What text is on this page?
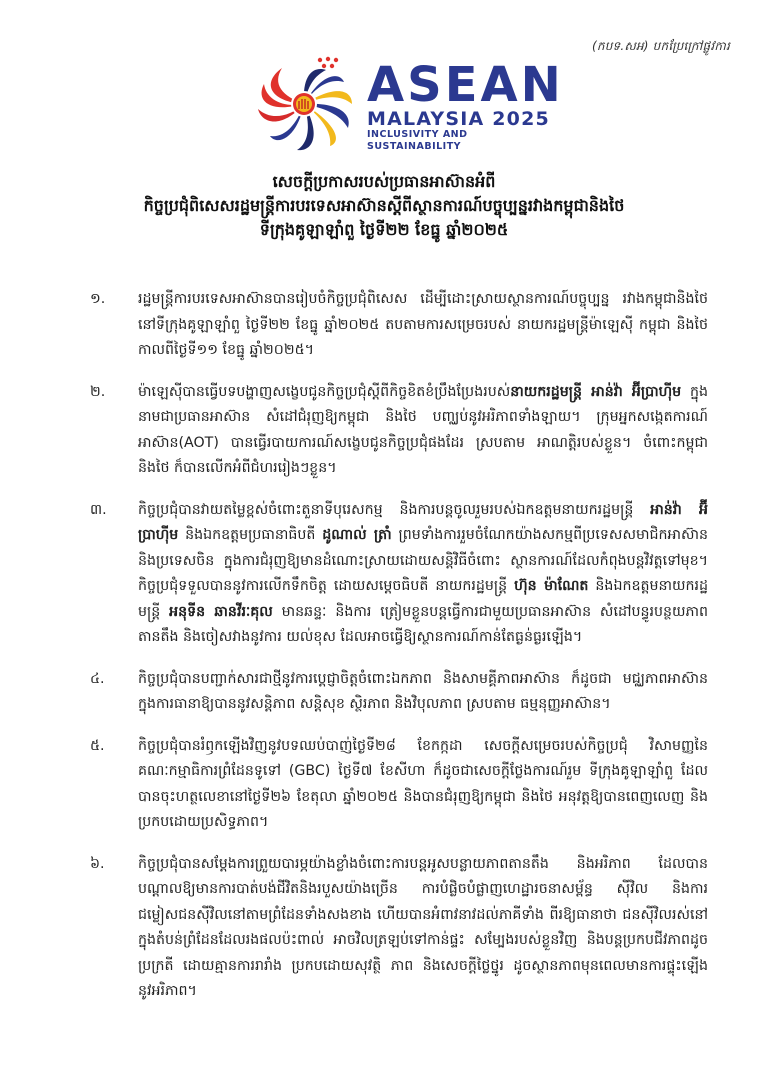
(កបទ.សអ) បកប្រែក្រៅផ្លូវការ
ASEAN
MALAYSIA 2025
INCLUSIVITY AND SUSTAINABILITY
សេចក្តីប្រកាសរបស់ប្រធានអាស៊ានអំពី
កិច្ចប្រជុំពិសេសរដ្ឋមន្ត្រីការបរទេសអាស៊ានស្តីពីស្ថានការណ៍បច្ចុប្បន្នរវាងកម្ពុជានិងថៃ
ទីក្រុងគូឡាឡាំពួ ថ្ងៃទី២២ ខែធ្នូ ឆ្នាំ២០២៥
១.	រដ្ឋមន្ត្រីការបរទេសអាស៊ានបានរៀបចំកិច្ចប្រជុំពិសេស ដើម្បីដោះស្រាយស្ថានការណ៍បច្ចុប្បន្ន រវាងកម្ពុជានិងថៃ នៅទីក្រុងគូឡាឡាំពួ ថ្ងៃទី២២ ខែធ្នូ ឆ្នាំ២០២៥ តបតាមការសម្រេចរបស់ នាយករដ្ឋមន្ត្រីម៉ាឡេស៊ី កម្ពុជា និងថៃ កាលពីថ្ងៃទី១១ ខែធ្នូ ឆ្នាំ២០២៥។
២.	ម៉ាឡេស៊ីបានធ្វើបទបង្ហាញសង្ខេបជូនកិច្ចប្រជុំស្តីពីកិច្ចខិតខំប្រឹងប្រែងរបស់នាយករដ្ឋមន្ត្រី អាន់វ៉ា អ៊ីប្រាហ៊ីម ក្នុងនាមជាប្រធានអាស៊ាន សំដៅជំរុញឱ្យកម្ពុជា និងថៃ បញ្ឈប់នូវអរិភាពទាំងឡាយ។ ក្រុមអ្នកសង្កេតការណ៍អាស៊ាន(AOT) បានធ្វើរបាយការណ៍សង្ខេបជូនកិច្ចប្រជុំផងដែរ ស្របតាម អាណត្តិរបស់ខ្លួន។ ចំពោះកម្ពុជា និងថៃ ក៏បានលើកអំពីជំហររៀងៗខ្លួន។
៣.	កិច្ចប្រជុំបានវាយតម្លៃខ្ពស់ចំពោះតួនាទីបុរេសកម្ម និងការបន្តចូលរួមរបស់ឯកឧត្តមនាយករដ្ឋមន្ត្រី អាន់វ៉ា អ៊ីប្រាហ៊ីម និងឯកឧត្តមប្រធានាធិបតី ដូណាល់ ត្រាំ ព្រមទាំងការរួមចំណែកយ៉ាងសកម្មពីប្រទេសសមាជិកអាស៊ាន និងប្រទេសចិន ក្នុងការជំរុញឱ្យមានដំណោះស្រាយដោយសន្តិវិធីចំពោះ ស្ថានការណ៍ដែលកំពុងបន្តវិវត្តទៅមុខ។ កិច្ចប្រជុំទទួលបាននូវការលើកទឹកចិត្ត ដោយសម្តេចធិបតី នាយករដ្ឋមន្ត្រី ហ៊ុន ម៉ាណែត និងឯកឧត្តមនាយករដ្ឋមន្ត្រី អនុទីន ឆានវីរៈគុល មានឆន្ទៈ និងការ ត្រៀមខ្លួនបន្តធ្វើការជាមួយប្រធានអាស៊ាន សំដៅបន្ធូរបន្ថយភាពតានតឹង និងចៀសវាងនូវការ យល់ខុស ដែលអាចធ្វើឱ្យស្ថានការណ៍កាន់តែធ្ងន់ធ្ងរឡើង។
៤.	កិច្ចប្រជុំបានបញ្ជាក់សារជាថ្មីនូវការប្តេជ្ញាចិត្តចំពោះឯកភាព និងសាមគ្គីភាពអាស៊ាន ក៏ដូចជា មជ្ឈភាពអាស៊ាន ក្នុងការធានាឱ្យបាននូវសន្តិភាព សន្តិសុខ ស្ថិរភាព និងវិបុលភាព ស្របតាម ធម្មនុញ្ញអាស៊ាន។
៥.	កិច្ចប្រជុំបានរំឭកឡើងវិញនូវបទឈប់បាញ់ថ្ងៃទី២៨ ខែកក្កដា សេចក្តីសម្រេចរបស់កិច្ចប្រជុំ វិសាមញ្ញនៃគណៈកម្មាធិការព្រំដែនទូទៅ (GBC) ថ្ងៃទី៧ ខែសីហា ក៏ដូចជាសេចក្តីថ្លែងការណ៍រួម ទីក្រុងគូឡាឡាំពួ ដែលបានចុះហត្ថលេខានៅថ្ងៃទី២៦ ខែតុលា ឆ្នាំ២០២៥ និងបានជំរុញឱ្យកម្ពុជា និងថៃ អនុវត្តឱ្យបានពេញលេញ និងប្រកបដោយប្រសិទ្ធភាព។
៦.	កិច្ចប្រជុំបានសម្តែងការព្រួយបារម្ភយ៉ាងខ្លាំងចំពោះការបន្តអូសបន្លាយភាពតានតឹង និងអរិភាព ដែលបានបណ្តាលឱ្យមានការបាត់បង់ជីវិតនិងរបួសយ៉ាងច្រើន ការបំផ្លិចបំផ្លាញហេដ្ឋារចនាសម្ព័ន្ធ ស៊ីវិល និងការជម្លៀសជនស៊ីវិលនៅតាមព្រំដែនទាំងសងខាង ហើយបានអំពាវនាវដល់ភាគីទាំង ពីរឱ្យធានាថា ជនស៊ីវិលរស់នៅក្នុងតំបន់ព្រំដែនដែលរងផលប៉ះពាល់ អាចវិលត្រឡប់ទៅកាន់ផ្ទះ សម្បែងរបស់ខ្លួនវិញ និងបន្តប្រកបជីវភាពដូចប្រក្រតី ដោយគ្មានការរារាំង ប្រកបដោយសុវត្ថិ ភាព និងសេចក្តីថ្លៃថ្នូរ ដូចស្ថានភាពមុនពេលមានការផ្ទុះឡើងនូវអរិភាព។
